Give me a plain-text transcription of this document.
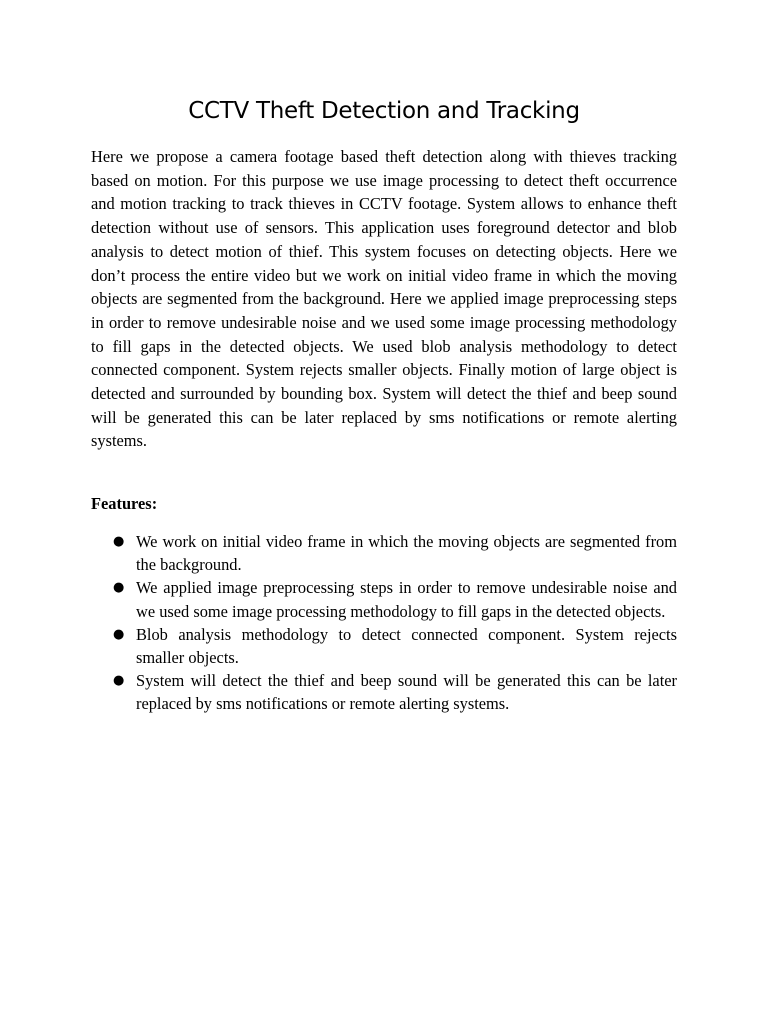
CCTV Theft Detection and Tracking

Here we propose a camera footage based theft detection along with thieves tracking based on motion. For this purpose we use image processing to detect theft occurrence and motion tracking to track thieves in CCTV footage. System allows to enhance theft detection without use of sensors. This application uses foreground detector and blob analysis to detect motion of thief. This system focuses on detecting objects. Here we don’t process the entire video but we work on initial video frame in which the moving objects are segmented from the background. Here we applied image preprocessing steps in order to remove undesirable noise and we used some image processing methodology to fill gaps in the detected objects. We used blob analysis methodology to detect connected component. System rejects smaller objects. Finally motion of large object is detected and surrounded by bounding box. System will detect the thief and beep sound will be generated this can be later replaced by sms notifications or remote alerting systems.

Features:

● We work on initial video frame in which the moving objects are segmented from the background.
● We applied image preprocessing steps in order to remove undesirable noise and we used some image processing methodology to fill gaps in the detected objects.
● Blob analysis methodology to detect connected component. System rejects smaller objects.
● System will detect the thief and beep sound will be generated this can be later replaced by sms notifications or remote alerting systems.
